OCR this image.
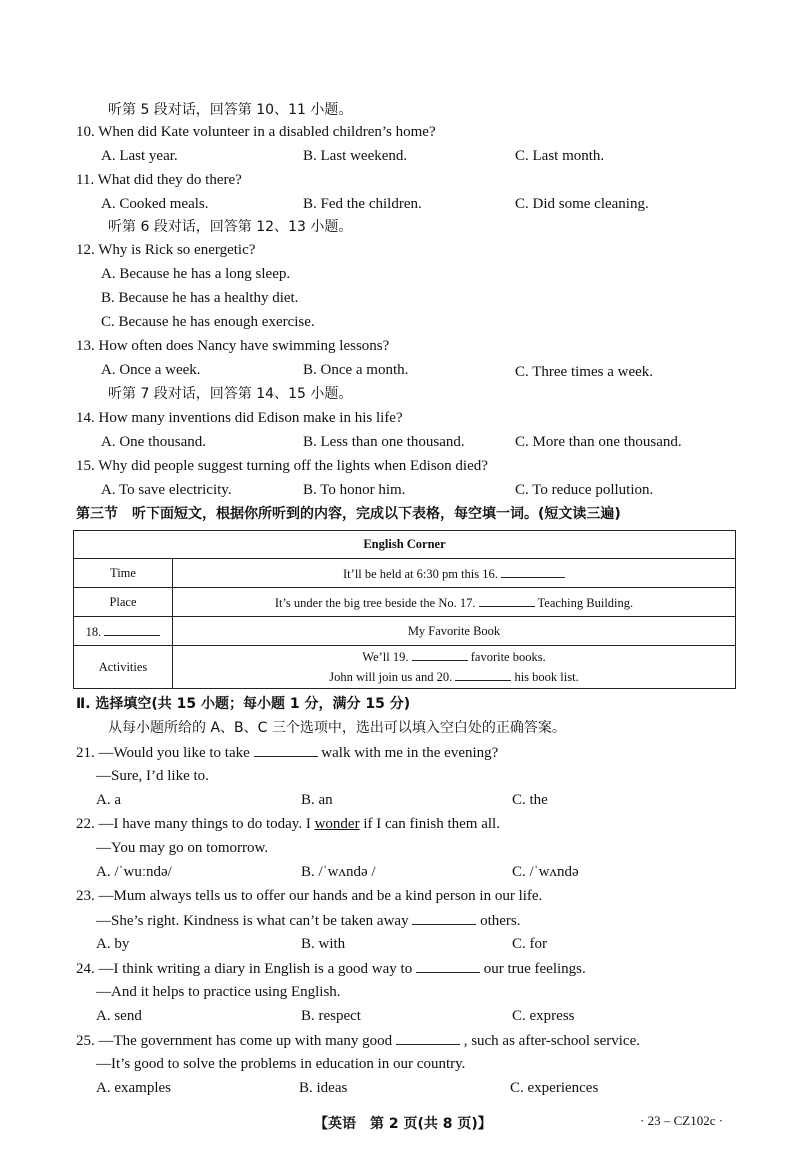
听第 5 段对话，回答第 10、11 小题。
10. When did Kate volunteer in a disabled children’s home?
A. Last year.	B. Last weekend.	C. Last month.
11. What did they do there?
A. Cooked meals.	B. Fed the children.	C. Did some cleaning.
听第 6 段对话，回答第 12、13 小题。
12. Why is Rick so energetic?
A. Because he has a long sleep.
B. Because he has a healthy diet.
C. Because he has enough exercise.
13. How often does Nancy have swimming lessons?
A. Once a week.	B. Once a month.	C. Three times a week.
听第 7 段对话，回答第 14、15 小题。
14. How many inventions did Edison make in his life?
A. One thousand.	B. Less than one thousand.	C. More than one thousand.
15. Why did people suggest turning off the lights when Edison died?
A. To save electricity.	B. To honor him.	C. To reduce pollution.
第三节　听下面短文，根据你所听到的内容，完成以下表格，每空填一词。(短文读三遍)
English Corner	
Time	It’ll be held at 6:30 pm this 16.
Place	It’s under the big tree beside the No. 17. Teaching Building.
18.	My Favorite Book
Activities	We’ll 19. favorite books.
John will join us and 20. his book list.
Ⅱ. 选择填空(共 15 小题；每小题 1 分，满分 15 分)
从每小题所给的 A、B、C 三个选项中，选出可以填入空白处的正确答案。
21. —Would you like to take	walk with me in the evening?
—Sure, I’d like to.
A. a	B. an	C. the
22. —I have many things to do today. I wonder if I can finish them all.
—You may go on tomorrow.
A. /ˈwuːndə/	B. /ˈwʌndə /	C. /ˈwʌndə
23. —Mum always tells us to offer our hands and be a kind person in our life.
—She’s right. Kindness is what can’t be taken away	others.
A. by	B. with	C. for
24. —I think writing a diary in English is a good way to	our true feelings.
—And it helps to practice using English.
A. send	B. respect	C. express
25. —The government has come up with many good	, such as after-school service.
—It’s good to solve the problems in education in our country.
A. examples	B. ideas	C. experiences
【英语　第 2 页(共 8 页)】	· 23 – CZ102c ·
